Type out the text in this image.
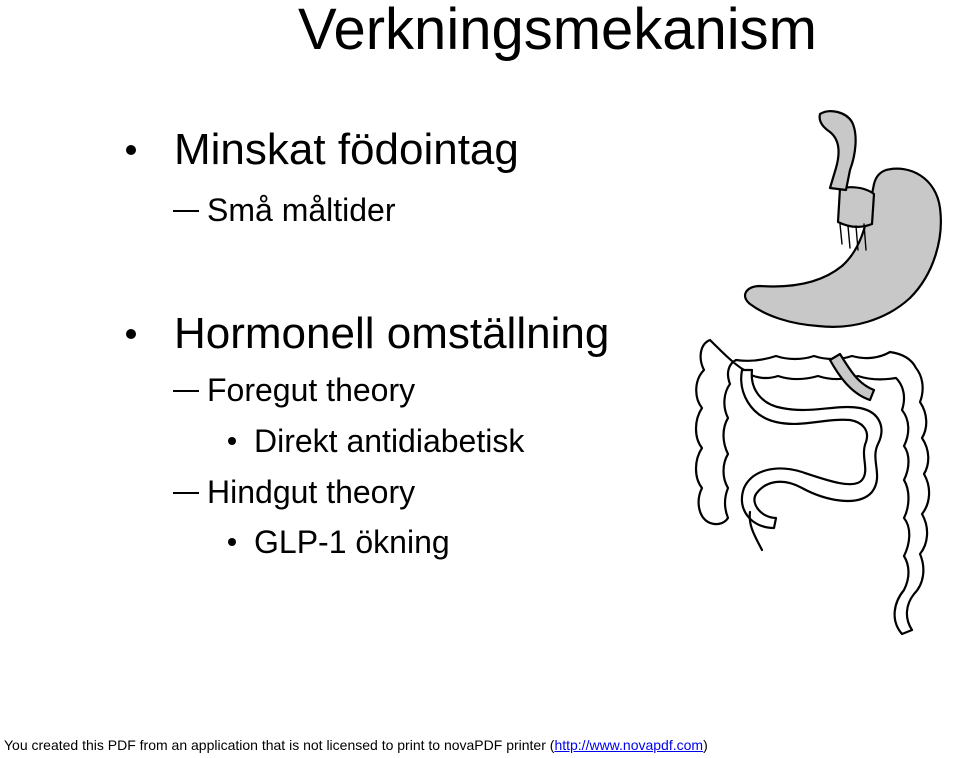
Verkningsmekanism
Minskat födointag
Små måltider
Hormonell omställning
Foregut theory
Direkt antidiabetisk
Hindgut theory
GLP-1 ökning
You created this PDF from an application that is not licensed to print to novaPDF printer (http://www.novapdf.com)
